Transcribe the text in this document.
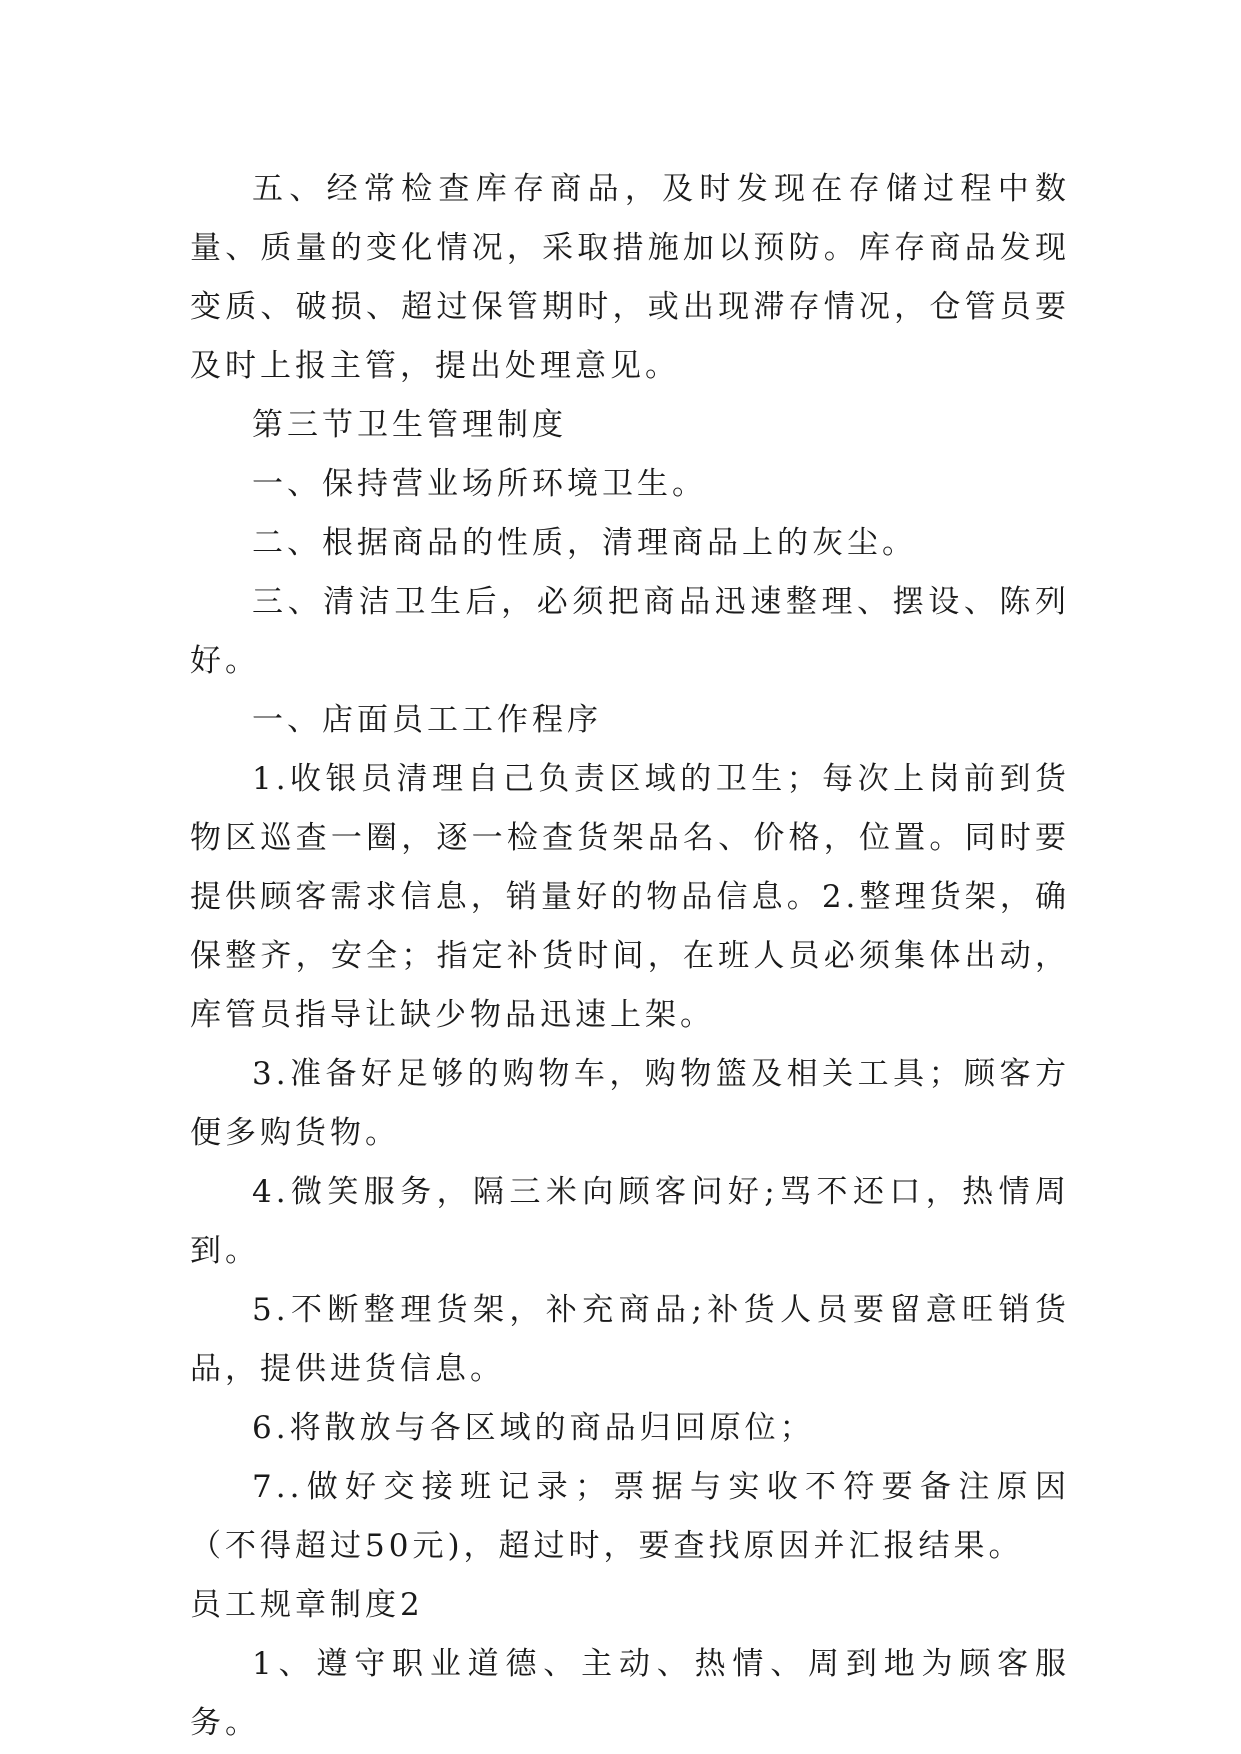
五、经常检查库存商品，及时发现在存储过程中数量、质量的变化情况，采取措施加以预防。库存商品发现变质、破损、超过保管期时，或出现滞存情况，仓管员要及时上报主管，提出处理意见。

第三节卫生管理制度

一、保持营业场所环境卫生。

二、根据商品的性质，清理商品上的灰尘。

三、清洁卫生后，必须把商品迅速整理、摆设、陈列好。

一、店面员工工作程序

1.收银员清理自己负责区域的卫生；每次上岗前到货物区巡查一圈，逐一检查货架品名、价格，位置。同时要提供顾客需求信息，销量好的物品信息。2.整理货架，确保整齐，安全；指定补货时间，在班人员必须集体出动，库管员指导让缺少物品迅速上架。

3.准备好足够的购物车，购物篮及相关工具；顾客方便多购货物。

4.微笑服务，隔三米向顾客问好;骂不还口，热情周到。

5.不断整理货架，补充商品;补货人员要留意旺销货品，提供进货信息。

6.将散放与各区域的商品归回原位；

7..做好交接班记录；票据与实收不符要备注原因（不得超过50元)，超过时，要查找原因并汇报结果。

员工规章制度2

1、遵守职业道德、主动、热情、周到地为顾客服务。
